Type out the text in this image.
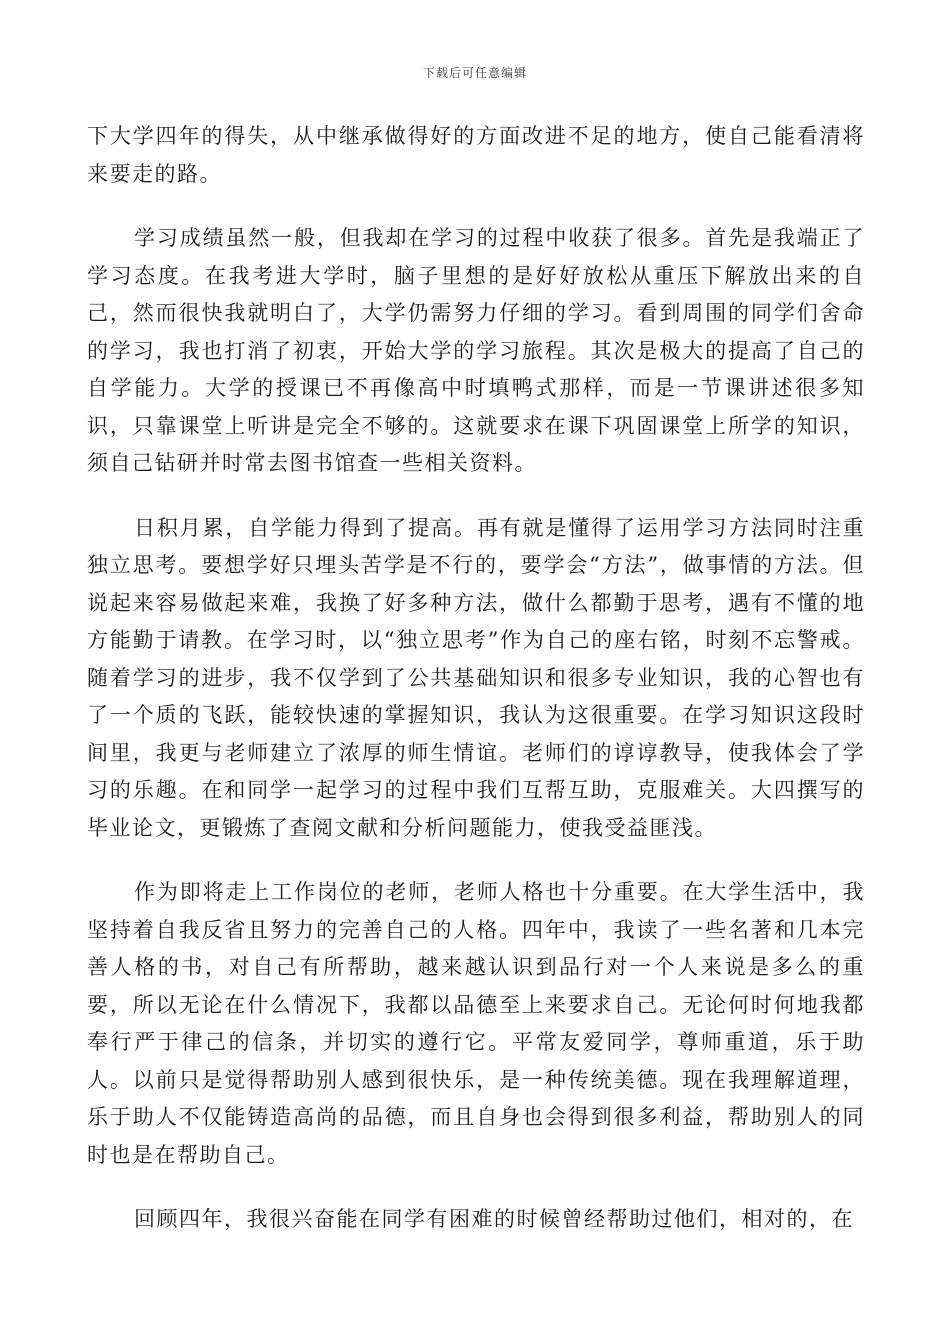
下载后可任意编辑

下大学四年的得失，从中继承做得好的方面改进不足的地方，使自己能看清将来要走的路。

学习成绩虽然一般，但我却在学习的过程中收获了很多。首先是我端正了学习态度。在我考进大学时，脑子里想的是好好放松从重压下解放出来的自己，然而很快我就明白了，大学仍需努力仔细的学习。看到周围的同学们舍命的学习，我也打消了初衷，开始大学的学习旅程。其次是极大的提高了自己的自学能力。大学的授课已不再像高中时填鸭式那样，而是一节课讲述很多知识，只靠课堂上听讲是完全不够的。这就要求在课下巩固课堂上所学的知识，须自己钻研并时常去图书馆查一些相关资料。

日积月累，自学能力得到了提高。再有就是懂得了运用学习方法同时注重独立思考。要想学好只埋头苦学是不行的，要学会“方法”，做事情的方法。但说起来容易做起来难，我换了好多种方法，做什么都勤于思考，遇有不懂的地方能勤于请教。在学习时，以“独立思考”作为自己的座右铭，时刻不忘警戒。随着学习的进步，我不仅学到了公共基础知识和很多专业知识，我的心智也有了一个质的飞跃，能较快速的掌握知识，我认为这很重要。在学习知识这段时间里，我更与老师建立了浓厚的师生情谊。老师们的谆谆教导，使我体会了学习的乐趣。在和同学一起学习的过程中我们互帮互助，克服难关。大四撰写的毕业论文，更锻炼了查阅文献和分析问题能力，使我受益匪浅。

作为即将走上工作岗位的老师，老师人格也十分重要。在大学生活中，我坚持着自我反省且努力的完善自己的人格。四年中，我读了一些名著和几本完善人格的书，对自己有所帮助，越来越认识到品行对一个人来说是多么的重要，所以无论在什么情况下，我都以品德至上来要求自己。无论何时何地我都奉行严于律己的信条，并切实的遵行它。平常友爱同学，尊师重道，乐于助人。以前只是觉得帮助别人感到很快乐，是一种传统美德。现在我理解道理，乐于助人不仅能铸造高尚的品德，而且自身也会得到很多利益，帮助别人的同时也是在帮助自己。

回顾四年，我很兴奋能在同学有困难的时候曾经帮助过他们，相对的，在
